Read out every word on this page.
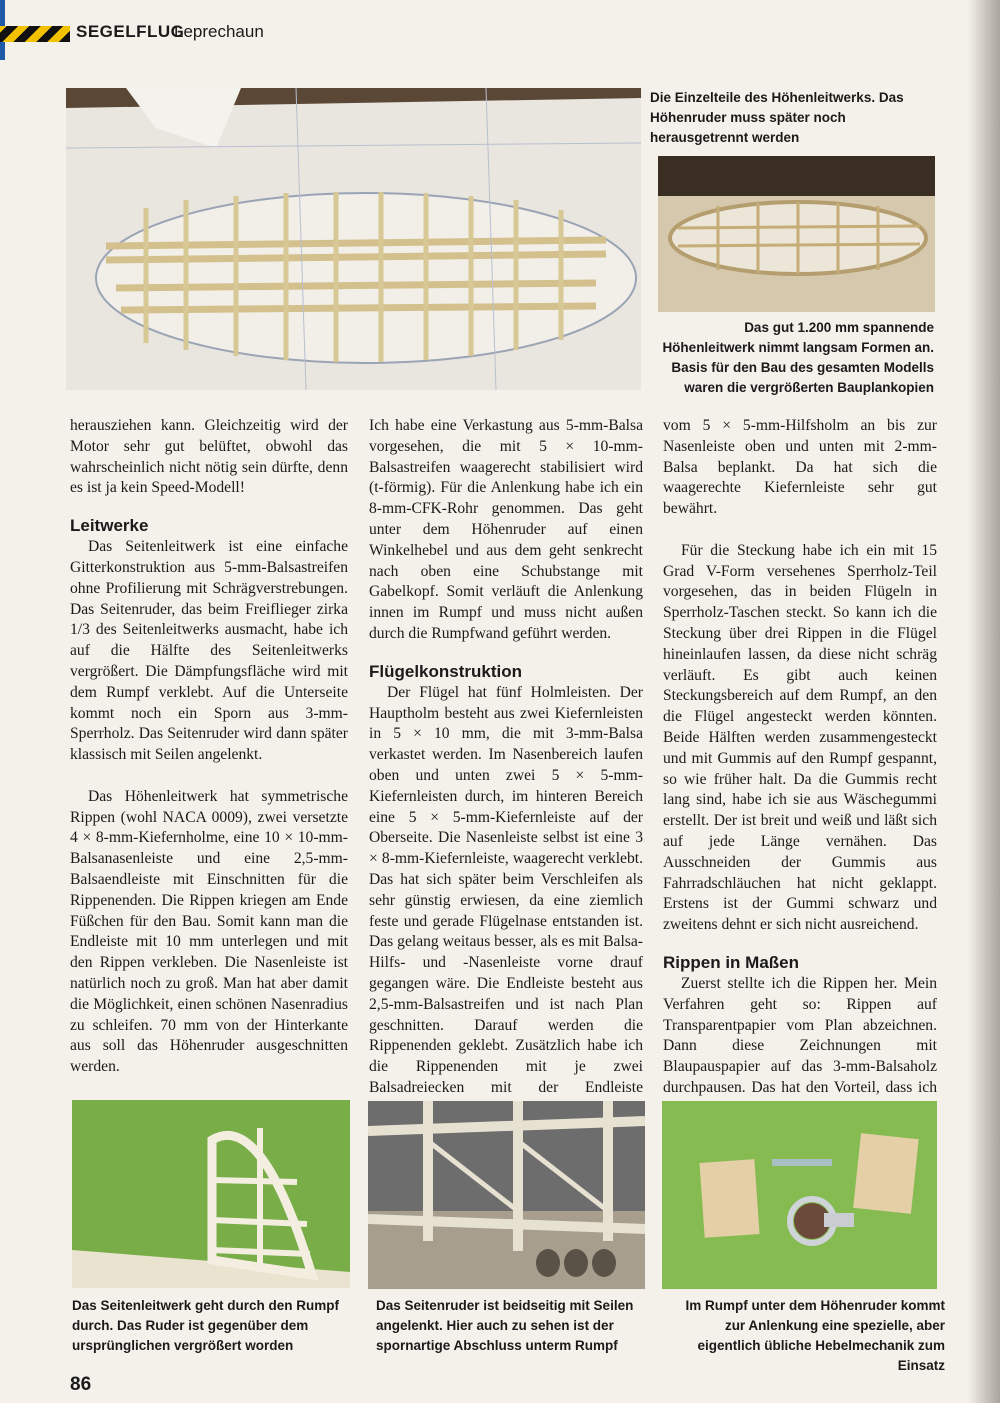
SEGELFLUG
Leprechaun
Die Einzelteile des Höhenleitwerks. Das Höhenruder muss später noch herausgetrennt werden
Das gut 1.200 mm spannende Höhenleitwerk nimmt langsam Formen an. Basis für den Bau des gesamten Modells waren die vergrößerten Bauplankopien

herausziehen kann. Gleichzeitig wird der Motor sehr gut belüftet, obwohl das wahrscheinlich nicht nötig sein dürfte, denn es ist ja kein Speed-Modell!

Leitwerke

Das Seitenleitwerk ist eine einfache Gitterkonstruktion aus 5-mm-Balsastreifen ohne Profilierung mit Schrägverstrebungen. Das Seitenruder, das beim Freiflieger zirka 1/3 des Seitenleitwerks ausmacht, habe ich auf die Hälfte des Seitenleitwerks vergrößert. Die Dämpfungsfläche wird mit dem Rumpf verklebt. Auf die Unterseite kommt noch ein Sporn aus 3-mm-Sperrholz. Das Seitenruder wird dann später klassisch mit Seilen angelenkt.

Das Höhenleitwerk hat symmetrische Rippen (wohl NACA 0009), zwei versetzte 4 × 8-mm-Kiefernholme, eine 10 × 10-mm-Balsanasenleiste und eine 2,5-mm-Balsaendleiste mit Einschnitten für die Rippenenden. Die Rippen kriegen am Ende Füßchen für den Bau. Somit kann man die Endleiste mit 10 mm unterlegen und mit den Rippen verkleben. Die Nasenleiste ist natürlich noch zu groß. Man hat aber damit die Möglichkeit, einen schönen Nasenradius zu schleifen. 70 mm von der Hinterkante aus soll das Höhenruder ausgeschnitten werden.

Ich habe eine Verkastung aus 5-mm-Balsa vorgesehen, die mit 5 × 10-mm-Balsastreifen waagerecht stabilisiert wird (t-förmig). Für die Anlenkung habe ich ein 8-mm-CFK-Rohr genommen. Das geht unter dem Höhenruder auf einen Winkelhebel und aus dem geht senkrecht nach oben eine Schubstange mit Gabelkopf. Somit verläuft die Anlenkung innen im Rumpf und muss nicht außen durch die Rumpfwand geführt werden.

Flügelkonstruktion

Der Flügel hat fünf Holmleisten. Der Hauptholm besteht aus zwei Kiefernleisten in 5 × 10 mm, die mit 3-mm-Balsa verkastet werden. Im Nasenbereich laufen oben und unten zwei 5 × 5-mm-Kiefernleisten durch, im hinteren Bereich eine 5 × 5-mm-Kiefernleiste auf der Oberseite. Die Nasenleiste selbst ist eine 3 × 8-mm-Kiefernleiste, waagerecht verklebt. Das hat sich später beim Verschleifen als sehr günstig erwiesen, da eine ziemlich feste und gerade Flügelnase entstanden ist. Das gelang weitaus besser, als es mit Balsa-Hilfs- und -Nasenleiste vorne drauf gegangen wäre. Die Endleiste besteht aus 2,5-mm-Balsastreifen und ist nach Plan geschnitten. Darauf werden die Rippenenden geklebt. Zusätzlich habe ich die Rippenenden mit je zwei Balsadreiecken mit der Endleiste

vom 5 × 5-mm-Hilfsholm an bis zur Nasenleiste oben und unten mit 2-mm-Balsa beplankt. Da hat sich die waagerechte Kiefernleiste sehr gut bewährt.

Für die Steckung habe ich ein mit 15 Grad V-Form versehenes Sperrholz-Teil vorgesehen, das in beiden Flügeln in Sperrholz-Taschen steckt. So kann ich die Steckung über drei Rippen in die Flügel hineinlaufen lassen, da diese nicht schräg verläuft. Es gibt auch keinen Steckungsbereich auf dem Rumpf, an den die Flügel angesteckt werden könnten. Beide Hälften werden zusammengesteckt und mit Gummis auf den Rumpf gespannt, so wie früher halt. Da die Gummis recht lang sind, habe ich sie aus Wäschegummi erstellt. Der ist breit und weiß und läßt sich auf jede Länge vernähen. Das Ausschneiden der Gummis aus Fahrradschläuchen hat nicht geklappt. Erstens ist der Gummi schwarz und zweitens dehnt er sich nicht ausreichend.

Rippen in Maßen

Zuerst stellte ich die Rippen her. Mein Verfahren geht so: Rippen auf Transparentpapier vom Plan abzeichnen. Dann diese Zeichnungen mit Blaupauspapier auf das 3-mm-Balsaholz durchpausen. Das hat den Vorteil, dass ich

Das Seitenleitwerk geht durch den Rumpf durch. Das Ruder ist gegenüber dem ursprünglichen vergrößert worden
Das Seitenruder ist beidseitig mit Seilen angelenkt. Hier auch zu sehen ist der spornartige Abschluss unterm Rumpf
Im Rumpf unter dem Höhenruder kommt zur Anlenkung eine spezielle, aber eigentlich übliche Hebelmechanik zum Einsatz
86
